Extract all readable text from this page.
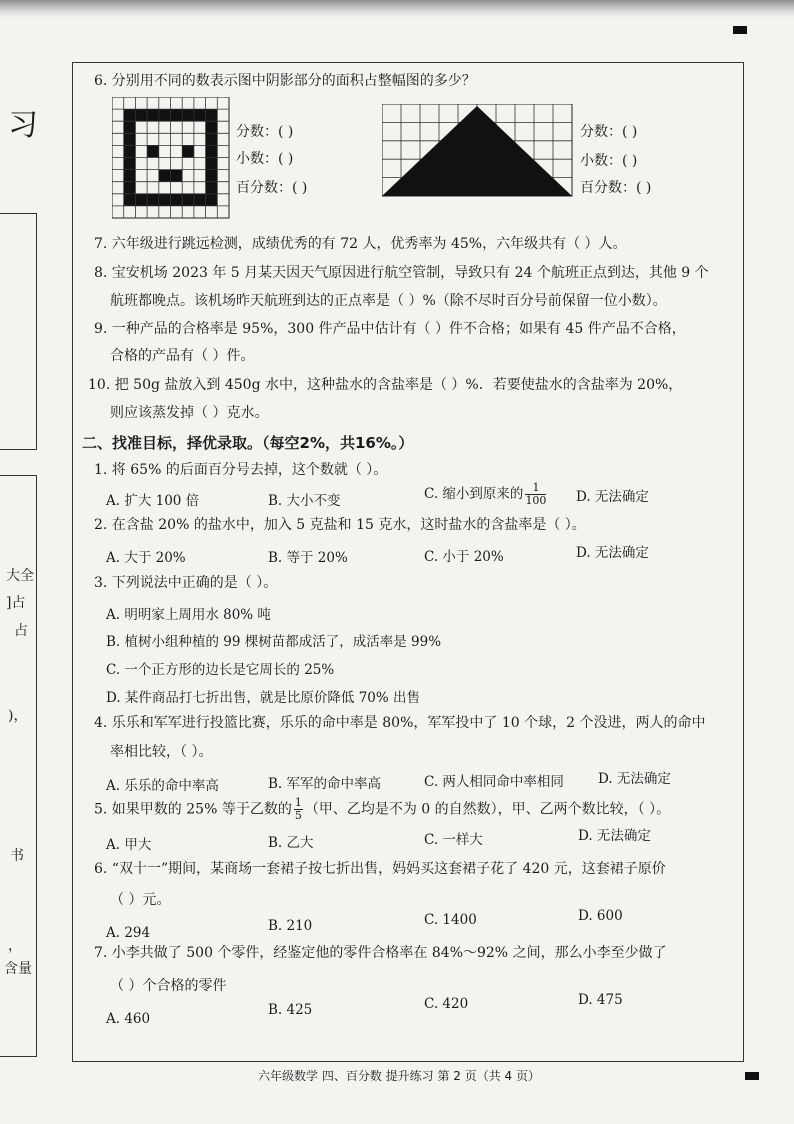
习
大全
]占
占
)，
书
，
含量
6. 分别用不同的数表示图中阴影部分的面积占整幅图的多少？
分数：( )
小数：( )
百分数：( )
分数：( )
小数：( )
百分数：( )
7. 六年级进行跳远检测，成绩优秀的有 72 人，优秀率为 45%，六年级共有（ ）人。
8. 宝安机场 2023 年 5 月某天因天气原因进行航空管制，导致只有 24 个航班正点到达，其他 9 个
航班都晚点。该机场昨天航班到达的正点率是（ ）%（除不尽时百分号前保留一位小数）。
9. 一种产品的合格率是 95%，300 件产品中估计有（ ）件不合格；如果有 45 件产品不合格，
合格的产品有（ ）件。
10. 把 50g 盐放入到 450g 水中，这种盐水的含盐率是（ ）%．若要使盐水的含盐率为 20%，
则应该蒸发掉（ ）克水。
二、找准目标，择优录取。（每空2%，共16%。）
1. 将 65% 的后面百分号去掉，这个数就（ ）。
A. 扩大 100 倍	B. 大小不变	C. 缩小到原来的 $\frac{1}{100} D$. 无法确定
2. 在含盐 20% 的盐水中，加入 5 克盐和 15 克水，这时盐水的含盐率是（ ）。
A. 大于 20%	B. 等于 20%	C. 小于 20%	D. 无法确定
3. 下列说法中正确的是（ ）。
A. 明明家上周用水 80% 吨
B. 植树小组种植的 99 棵树苗都成活了，成活率是 99%
C. 一个正方形的边长是它周长的 25%
D. 某件商品打七折出售，就是比原价降低 70% 出售
4. 乐乐和军军进行投篮比赛，乐乐的命中率是 80%，军军投中了 10 个球，2 个没进，两人的命中
率相比较，（ ）。
A. 乐乐的命中率高	B. 军军的命中率高	C. 两人相同命中率相同	D. 无法确定
5. 如果甲数的 25% 等于乙数的 $\frac{1}{5}$ （甲、乙均是不为 0 的自然数），甲、乙两个数比较，（ ）。
A. 甲大	B. 乙大	C. 一样大	D. 无法确定
6. “双十一”期间，某商场一套裙子按七折出售，妈妈买这套裙子花了 420 元，这套裙子原价
（ ）元。
A. 294	B. 210	C. 1400	D. 600
7. 小李共做了 500 个零件，经鉴定他的零件合格率在 84%～92% 之间，那么小李至少做了
（ ）个合格的零件
A. 460
B. 425	C. 420	D. 475
六年级数学 四、百分数 提升练习 第 2 页（共 4 页）
